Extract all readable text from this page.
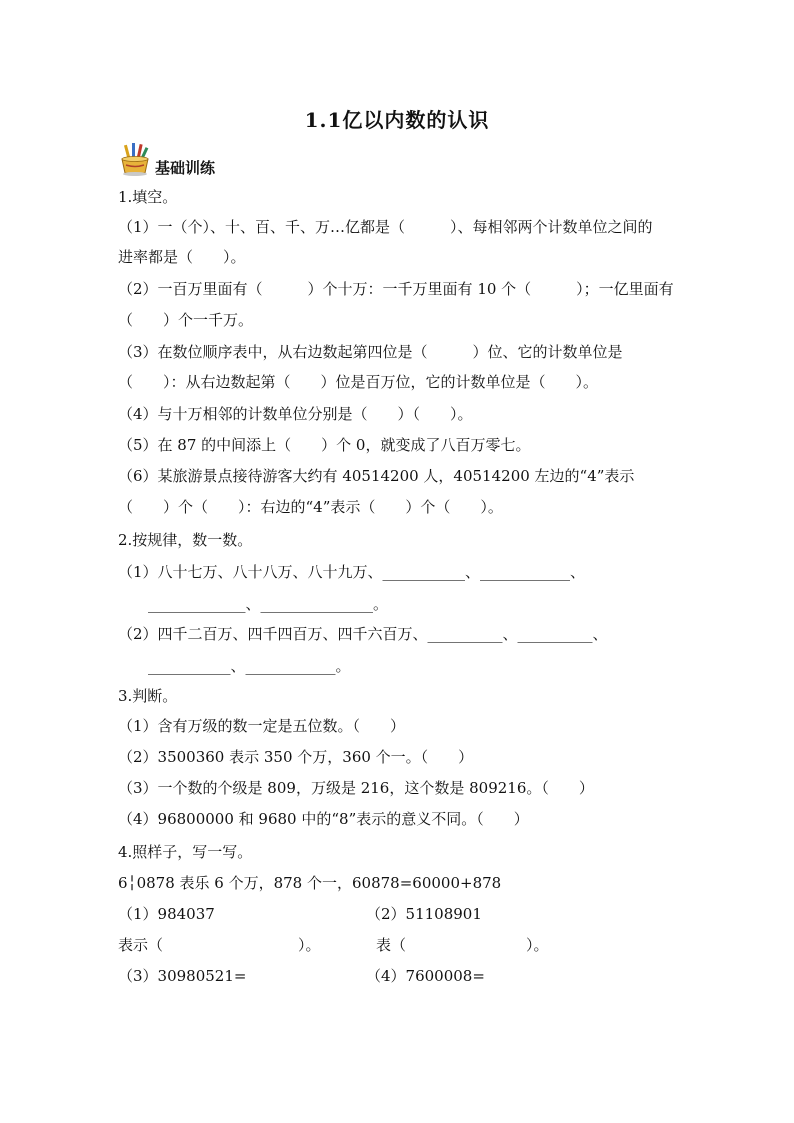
1.1亿以内数的认识
基础训练
1.填空。
（1）一（个）、十、百、千、万…亿都是（　　　）、每相邻两个计数单位之间的
进率都是（　　）。
（2）一百万里面有（　　　）个十万：一千万里面有 10 个（　　　）；一亿里面有
（　　）个一千万。
（3）在数位顺序表中，从右边数起第四位是（　　　）位、它的计数单位是
（　　）：从右边数起第（　　）位是百万位，它的计数单位是（　　）。
（4）与十万相邻的计数单位分别是（　　）（　　）。
（5）在 87 的中间添上（　　）个 0，就变成了八百万零七。
（6）某旅游景点接待游客大约有 40514200 人，40514200 左边的“4”表示
（　　）个（　　）：右边的“4”表示（　　）个（　　）。
2.按规律，数一数。
（1）八十七万、八十八万、八十九万、___________、____________、
　　_____________、_______________。
（2）四千二百万、四千四百万、四千六百万、__________、__________、
　　___________、____________。
3.判断。
（1）含有万级的数一定是五位数。（　　）
（2）3500360 表示 350 个万，360 个一。（　　）
（3）一个数的个级是 809，万级是 216，这个数是 809216。（　　）
（4）96800000 和 9680 中的“8”表示的意义不同。（　　）
4.照样子，写一写。
6╎0878 表乐 6 个万，878 个一，60878=60000+878
（1）984037	（2）51108901
表示（　　　　　　　　　）。	表（　　　　　　　　）。
（3）30980521=	（4）7600008=
